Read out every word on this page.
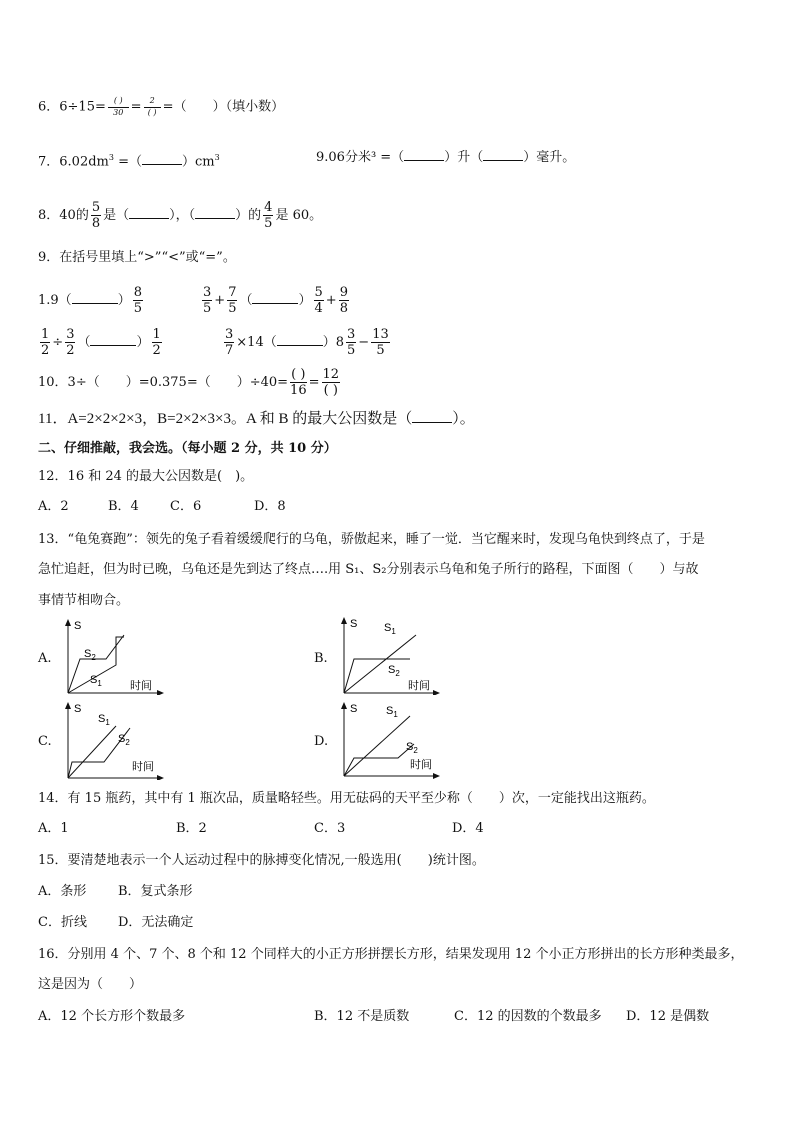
6．$6\div 15= \frac{( )}{30} = \frac{2}{( )}$ =（　　）（填小数）
7．$6.02dm^3$ =（	）$cm^3$	9.06分米³ =（	）升（	）毫升。
8．40的 $\frac{5}{8}$ 是（	），（	）的 $\frac{4}{5}$ 是 60。
9．在括号里填上“>”“<”或“=”。
1.9（	） $\frac{8}{5}$	$\frac{3}{5} + \frac{7}{5}$ （	） $\frac{5}{4} + \frac{9}{8}$
$\frac{1}{2} \div \frac{3}{2}$ （	） $\frac{1}{2}$	$\frac{3}{7} \times 14$（	）$8 \frac{3}{5} - \frac{13}{5}$
10．3÷（　　）=0.375=（　　）$\div 40= \frac{( )}{16} = \frac{12}{( )}$
11．A=2×2×2×3，B=2×2×3×3。A 和 B 的最大公因数是（	）。
二、仔细推敲，我会选。（每小题 2 分，共 10 分）
12．16 和 24 的最大公因数是(　)。
A．2	B．4 C．6	D．8
13．“龟兔赛跑”：领先的兔子看着缓缓爬行的乌龟，骄傲起来，睡了一觉．当它醒来时，发现乌龟快到终点了，于是
急忙追赶，但为时已晚，乌龟还是先到达了终点….用 S₁、S₂分别表示乌龟和兔子所行的路程，下面图（　　）与故
事情节相吻合。
A.
S
时间
$S_2$
$S_1$
B.
S
时间
$S_1$
$S_2$
C.
S
时间
$S_1$
$S_2$	D.
S
时间
$S_1$
$S_2$
14．有 15 瓶药，其中有 1 瓶次品，质量略轻些。用无砝码的天平至少称（　　）次，一定能找出这瓶药。
A．1	B．2	C．3	D．4
15．要清楚地表示一个人运动过程中的脉搏变化情况,一般选用(　　)统计图。
A．条形 B．复式条形
C．折线 D．无法确定
16．分别用 4 个、7 个、8 个和 12 个同样大的小正方形拼摆长方形，结果发现用 12 个小正方形拼出的长方形种类最多，
这是因为（　　）
A．12 个长方形个数最多	B．12 不是质数	C．12 的因数的个数最多 D．12 是偶数
